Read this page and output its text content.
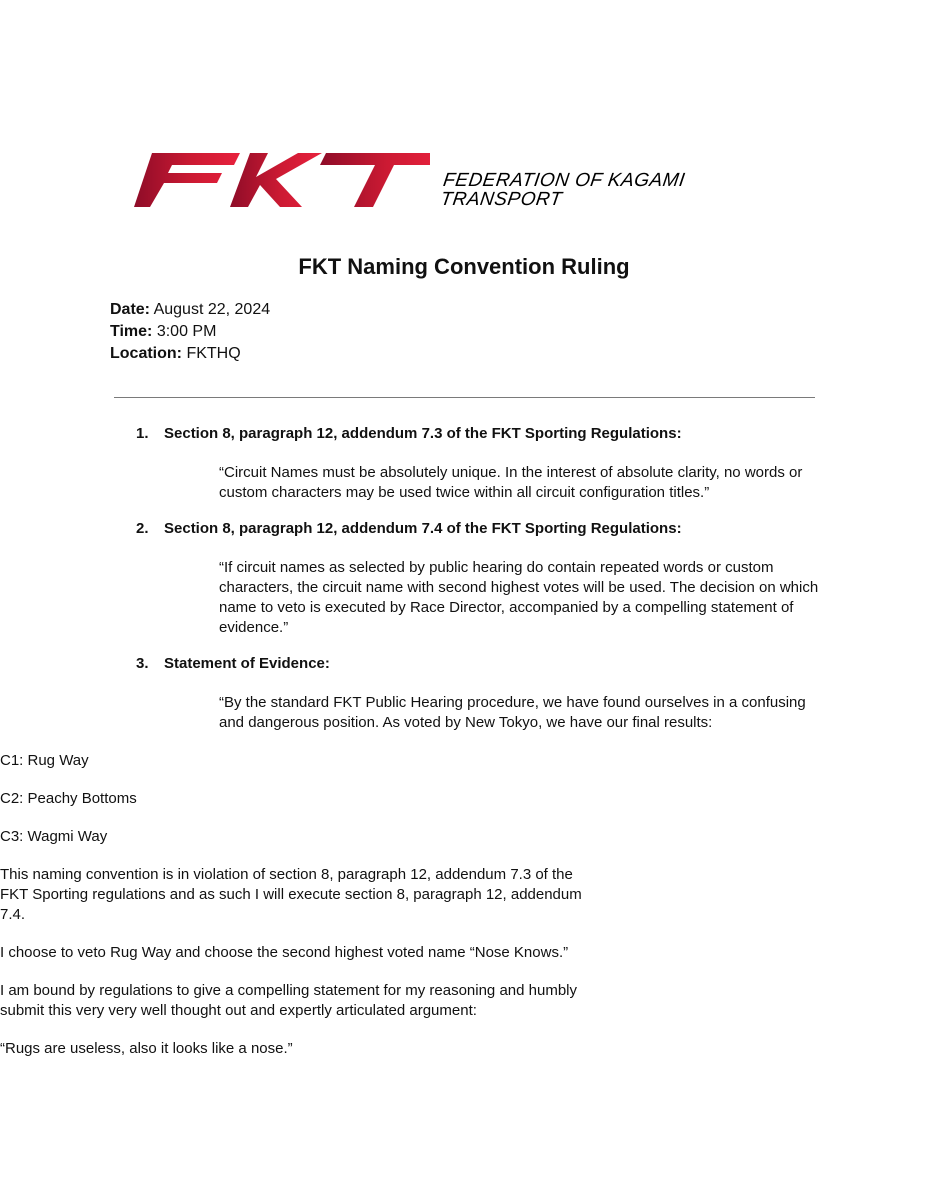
FEDERATION OF KAGAMI
TRANSPORT
FKT Naming Convention Ruling
Date: August 22, 2024
Time: 3:00 PM
Location: FKTHQ
1. Section 8, paragraph 12, addendum 7.3 of the FKT Sporting Regulations:
“Circuit Names must be absolutely unique. In the interest of absolute clarity, no words or custom characters may be used twice within all circuit configuration titles.”
2. Section 8, paragraph 12, addendum 7.4 of the FKT Sporting Regulations:
“If circuit names as selected by public hearing do contain repeated words or custom characters, the circuit name with second highest votes will be used. The decision on which name to veto is executed by Race Director, accompanied by a compelling statement of evidence.”
3. Statement of Evidence:
“By the standard FKT Public Hearing procedure, we have found ourselves in a confusing and dangerous position. As voted by New Tokyo, we have our final results:
C1: Rug Way
C2: Peachy Bottoms
C3: Wagmi Way
This naming convention is in violation of section 8, paragraph 12, addendum 7.3 of the FKT Sporting regulations and as such I will execute section 8, paragraph 12, addendum 7.4.
I choose to veto Rug Way and choose the second highest voted name “Nose Knows.”
I am bound by regulations to give a compelling statement for my reasoning and humbly submit this very very well thought out and expertly articulated argument:
“Rugs are useless, also it looks like a nose.”
